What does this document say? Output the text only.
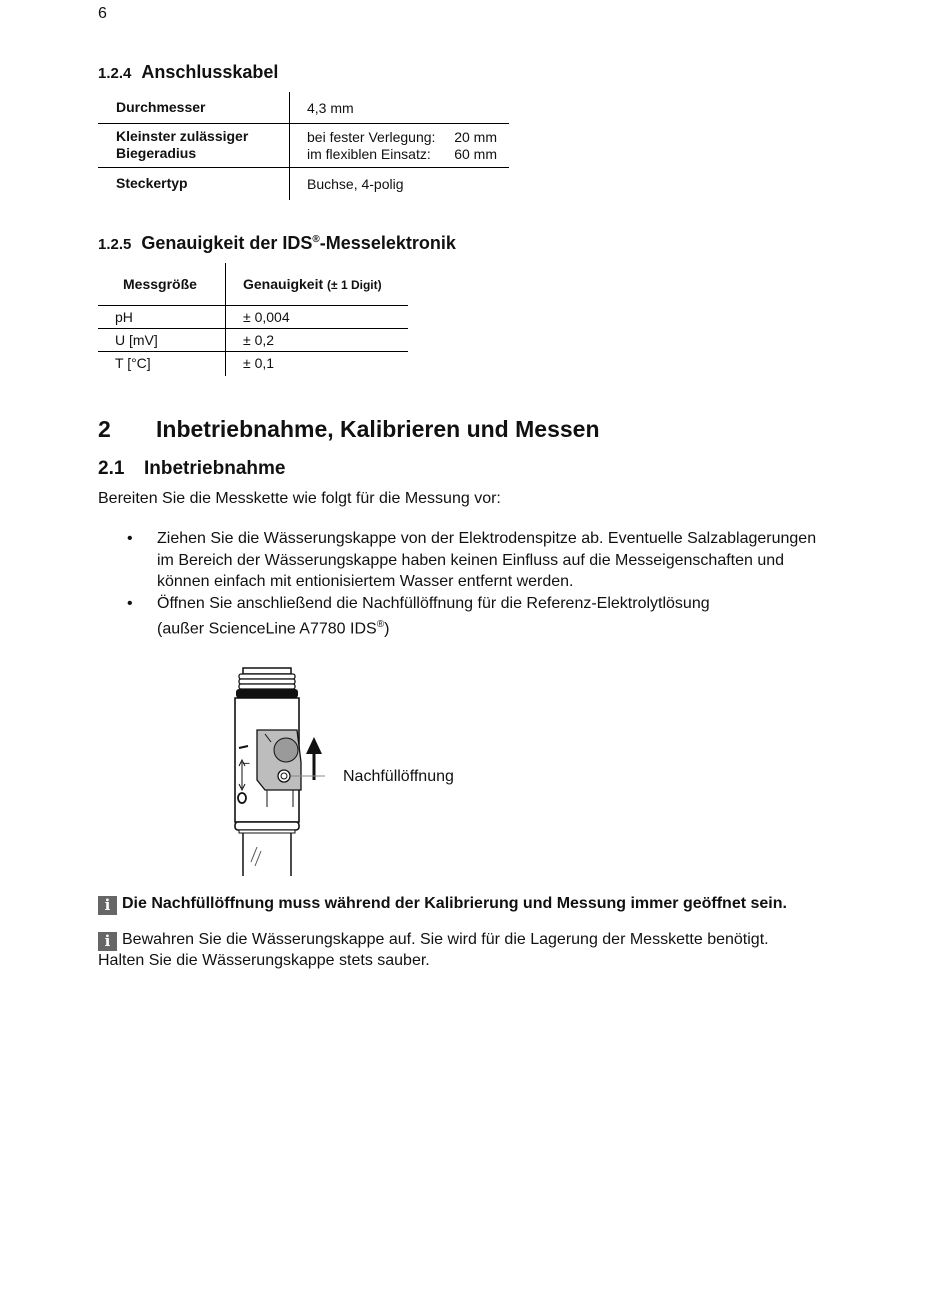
6
1.2.4 Anschlusskabel
Durchmesser	4,3 mm
Kleinster zulässiger Biegeradius	bei fester Verlegung: 20 mm
im flexiblen Einsatz: 60 mm

Steckertyp	Buchse, 4-polig
1.2.5 Genauigkeit der IDS®-Messelektronik
Messgröße	Genauigkeit (± 1 Digit)
pH	± 0,004
U [mV]	± 0,2
T [°C]	± 0,1
2 Inbetriebnahme, Kalibrieren und Messen
2.1 Inbetriebnahme
Bereiten Sie die Messkette wie folgt für die Messung vor:
• Ziehen Sie die Wässerungskappe von der Elektrodenspitze ab. Eventuelle Salzablagerungen im Bereich der Wässerungskappe haben keinen Einfluss auf die Messeigenschaften und können einfach mit entionisiertem Wasser entfernt werden.
• Öffnen Sie anschließend die Nachfüllöffnung für die Referenz-Elektrolytlösung
(außer ScienceLine A7780 IDS®)
I
Nachfüllöffnung
i Die Nachfüllöffnung muss während der Kalibrierung und Messung immer geöffnet sein.
i Bewahren Sie die Wässerungskappe auf. Sie wird für die Lagerung der Messkette benötigt.
Halten Sie die Wässerungskappe stets sauber.
